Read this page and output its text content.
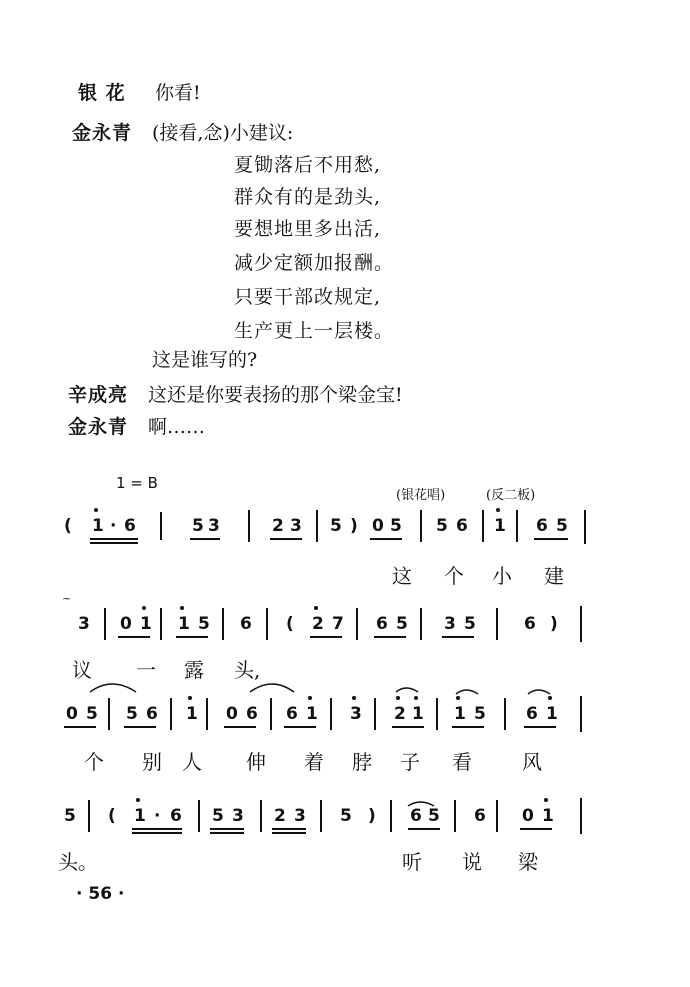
银 花 你看!
金永青 (接看,念)小建议:
夏锄落后不用愁,
群众有的是劲头,
要想地里多出活,
减少定额加报酬。
只要干部改规定,
生产更上一层楼。
这是谁写的?
辛成亮 这还是你要表扬的那个梁金宝!
金永青 啊……
1 = B
(银花唱)	(反二板)
( 1 · 6	5 3	2 3 5 ) 0 5 5 6 1 6 5
这 个 小 建
~
3 0 1 1 5 6 ( 2 7 6 5 3 5	6 )
议 一 露 头,
0 5 5 6 1 0 6 6 1 3 2 1 1 5 6 1
个 别 人 伸 着 脖 子 看	风
5 ( 1 · 6 5 3 2 3 5 ) 6 5 6 0 1
头。	听 说 梁
· 56 ·
